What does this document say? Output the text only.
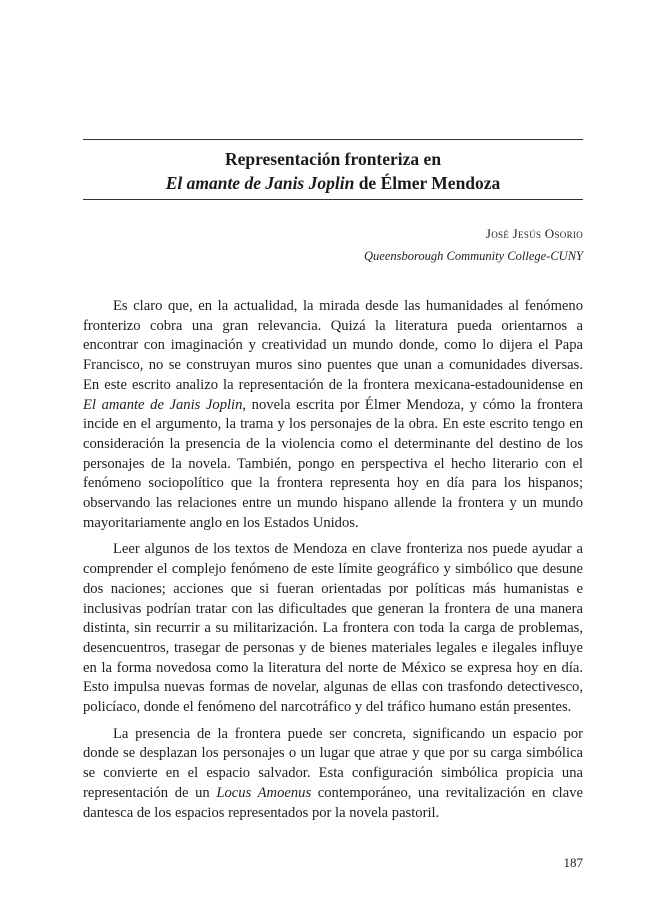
Representación fronteriza en
El amante de Janis Joplin de Élmer Mendoza
José Jesús Osorio
Queensborough Community College-CUNY

Es claro que, en la actualidad, la mirada desde las humanidades al fenómeno fronterizo cobra una gran relevancia. Quizá la literatura pueda orientarnos a encontrar con imaginación y creatividad un mundo donde, como lo dijera el Papa Francisco, no se construyan muros sino puentes que unan a comunidades diversas. En este escrito analizo la representación de la frontera mexicana-estadounidense en El amante de Janis Joplin, novela escrita por Élmer Mendoza, y cómo la frontera incide en el argumento, la trama y los personajes de la obra. En este escrito tengo en consideración la presencia de la violencia como el determinante del destino de los personajes de la novela. También, pongo en perspectiva el hecho literario con el fenómeno sociopolítico que la frontera representa hoy en día para los hispanos; observando las relaciones entre un mundo hispano allende la frontera y un mundo mayoritariamente anglo en los Estados Unidos.

Leer algunos de los textos de Mendoza en clave fronteriza nos puede ayudar a comprender el complejo fenómeno de este límite geográfico y simbólico que desune dos naciones; acciones que si fueran orientadas por políticas más humanistas e inclusivas podrían tratar con las dificultades que generan la frontera de una manera distinta, sin recurrir a su militarización. La frontera con toda la carga de problemas, desencuentros, trasegar de personas y de bienes materiales legales e ilegales influye en la forma novedosa como la literatura del norte de México se expresa hoy en día. Esto impulsa nuevas formas de novelar, algunas de ellas con trasfondo detectivesco, policíaco, donde el fenómeno del narcotráfico y del tráfico humano están presentes.

La presencia de la frontera puede ser concreta, significando un espacio por donde se desplazan los personajes o un lugar que atrae y que por su carga simbólica se convierte en el espacio salvador. Esta configuración simbólica propicia una representación de un Locus Amoenus contemporáneo, una revitalización en clave dantesca de los espacios representados por la novela pastoril.

187
